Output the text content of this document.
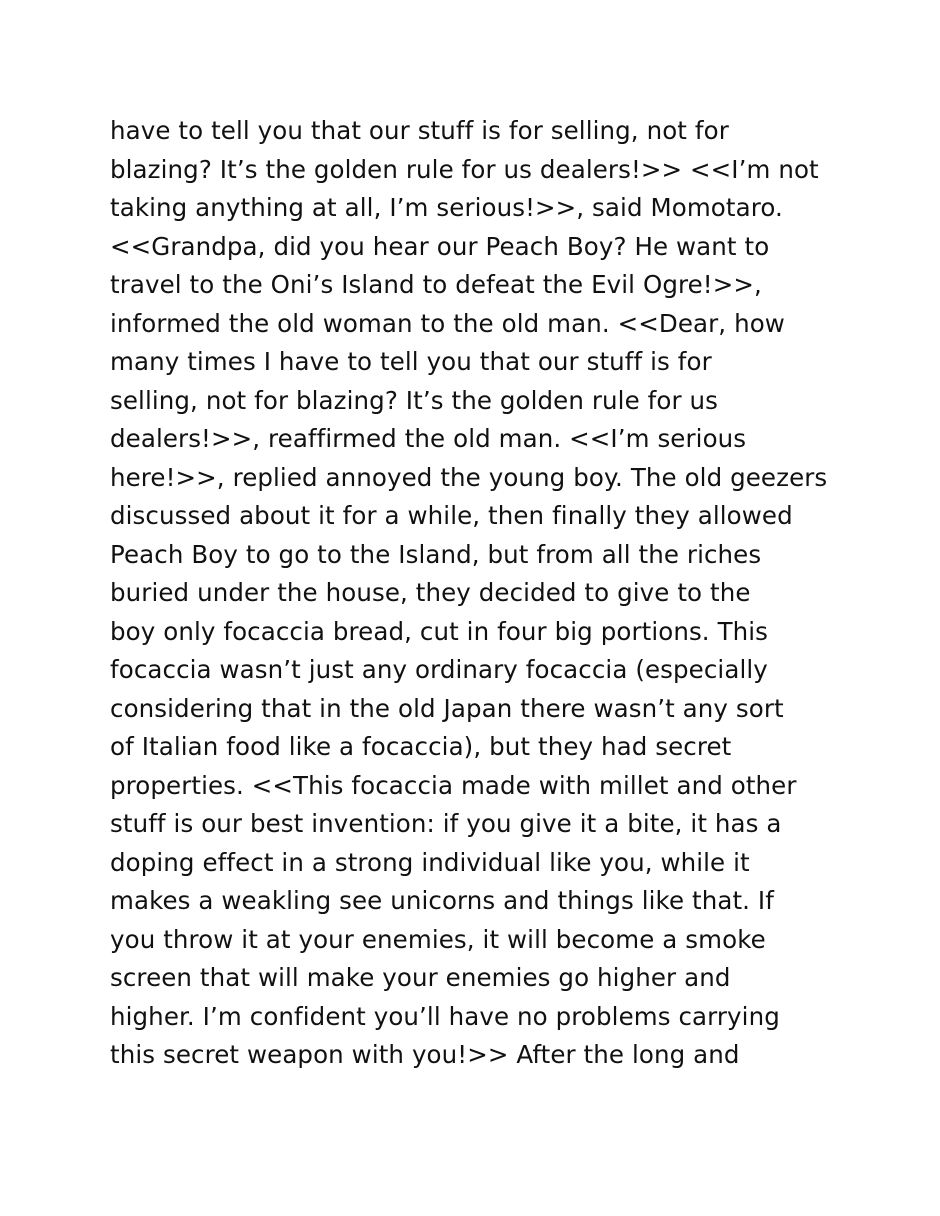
have to tell you that our stuff is for selling, not for
blazing? It’s the golden rule for us dealers!>> <<I’m not
taking anything at all, I’m serious!>>, said Momotaro.
<<Grandpa, did you hear our Peach Boy? He want to
travel to the Oni’s Island to defeat the Evil Ogre!>>,
informed the old woman to the old man. <<Dear, how
many times I have to tell you that our stuff is for
selling, not for blazing? It’s the golden rule for us
dealers!>>, reaffirmed the old man. <<I’m serious
here!>>, replied annoyed the young boy. The old geezers
discussed about it for a while, then finally they allowed
Peach Boy to go to the Island, but from all the riches
buried under the house, they decided to give to the
boy only focaccia bread, cut in four big portions. This
focaccia wasn’t just any ordinary focaccia (especially
considering that in the old Japan there wasn’t any sort
of Italian food like a focaccia), but they had secret
properties. <<This focaccia made with millet and other
stuff is our best invention: if you give it a bite, it has a
doping effect in a strong individual like you, while it
makes a weakling see unicorns and things like that. If
you throw it at your enemies, it will become a smoke
screen that will make your enemies go higher and
higher. I’m confident you’ll have no problems carrying
this secret weapon with you!>> After the long and
